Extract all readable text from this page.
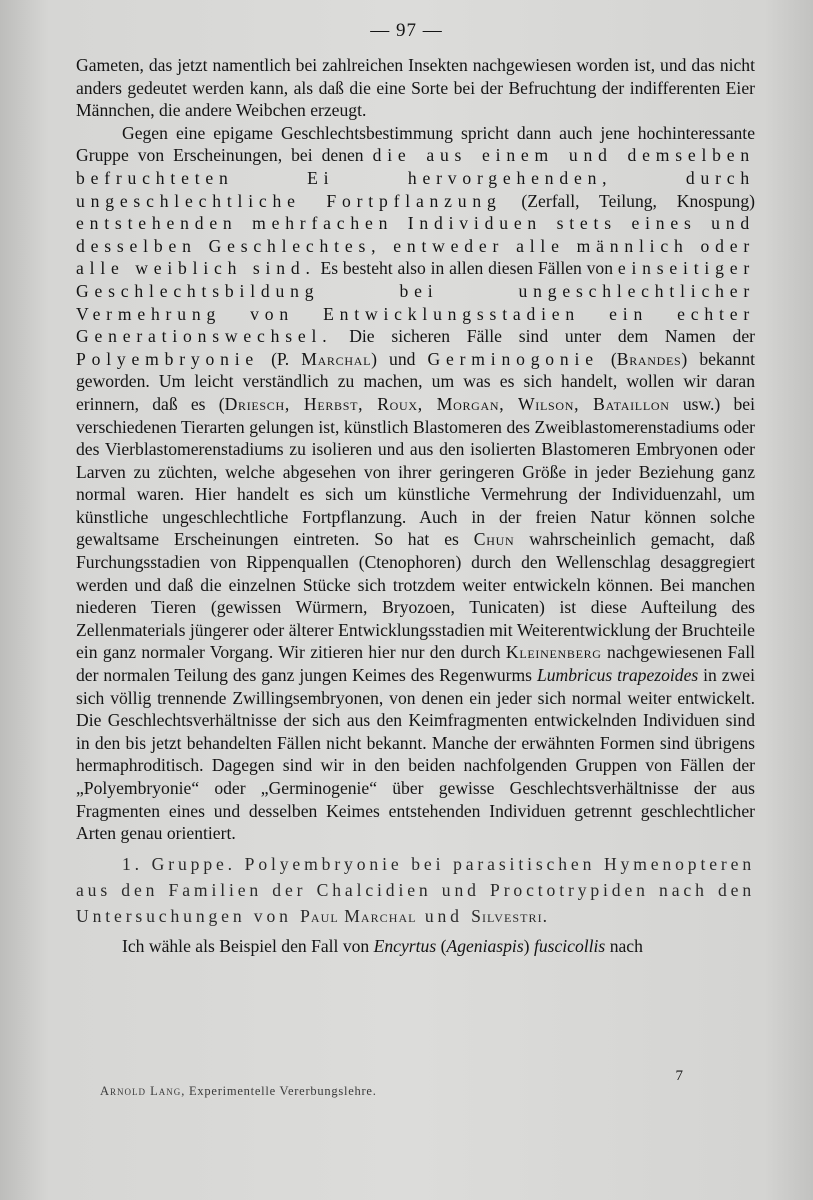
— 97 —

Gameten, das jetzt namentlich bei zahlreichen Insekten nachgewiesen worden ist, und das nicht anders gedeutet werden kann, als daß die eine Sorte bei der Befruchtung der indifferenten Eier Männchen, die andere Weibchen erzeugt.

Gegen eine epigame Geschlechtsbestimmung spricht dann auch jene hochinteressante Gruppe von Erscheinungen, bei denen die aus einem und demselben befruchteten Ei hervorgehenden, durch ungeschlechtliche Fortpflanzung (Zerfall, Teilung, Knospung) entstehenden mehrfachen Individuen stets eines und desselben Geschlechtes, entweder alle männlich oder alle weiblich sind. Es besteht also in allen diesen Fällen von einseitiger Geschlechtsbildung bei ungeschlechtlicher Vermehrung von Entwicklungsstadien ein echter Generationswechsel. Die sicheren Fälle sind unter dem Namen der Polyembryonie (P. Marchal) und Germinogonie (Brandes) bekannt geworden. Um leicht verständlich zu machen, um was es sich handelt, wollen wir daran erinnern, daß es (Driesch, Herbst, Roux, Morgan, Wilson, Bataillon usw.) bei verschiedenen Tierarten gelungen ist, künstlich Blastomeren des Zweiblastomerenstadiums oder des Vierblastomerenstadiums zu isolieren und aus den isolierten Blastomeren Embryonen oder Larven zu züchten, welche abgesehen von ihrer geringeren Größe in jeder Beziehung ganz normal waren. Hier handelt es sich um künstliche Vermehrung der Individuenzahl, um künstliche ungeschlechtliche Fortpflanzung. Auch in der freien Natur können solche gewaltsame Erscheinungen eintreten. So hat es Chun wahrscheinlich gemacht, daß Furchungsstadien von Rippenquallen (Ctenophoren) durch den Wellenschlag desaggregiert werden und daß die einzelnen Stücke sich trotzdem weiter entwickeln können. Bei manchen niederen Tieren (gewissen Würmern, Bryozoen, Tunicaten) ist diese Aufteilung des Zellenmaterials jüngerer oder älterer Entwicklungsstadien mit Weiterentwicklung der Bruchteile ein ganz normaler Vorgang. Wir zitieren hier nur den durch Kleinenberg nachgewiesenen Fall der normalen Teilung des ganz jungen Keimes des Regenwurms Lumbricus trapezoides in zwei sich völlig trennende Zwillingsembryonen, von denen ein jeder sich normal weiter entwickelt. Die Geschlechtsverhältnisse der sich aus den Keimfragmenten entwickelnden Individuen sind in den bis jetzt behandelten Fällen nicht bekannt. Manche der erwähnten Formen sind übrigens hermaphroditisch. Dagegen sind wir in den beiden nachfolgenden Gruppen von Fällen der „Polyembryonie“ oder „Germinogenie“ über gewisse Geschlechtsverhältnisse der aus Fragmenten eines und desselben Keimes entstehenden Individuen getrennt geschlechtlicher Arten genau orientiert.

1. Gruppe. Polyembryonie bei parasitischen Hymenopteren aus den Familien der Chalcidien und Proctotrypiden nach den Untersuchungen von Paul Marchal und Silvestri.

Ich wähle als Beispiel den Fall von Encyrtus (Ageniaspis) fuscicollis nach

7
Arnold Lang, Experimentelle Vererbungslehre.
